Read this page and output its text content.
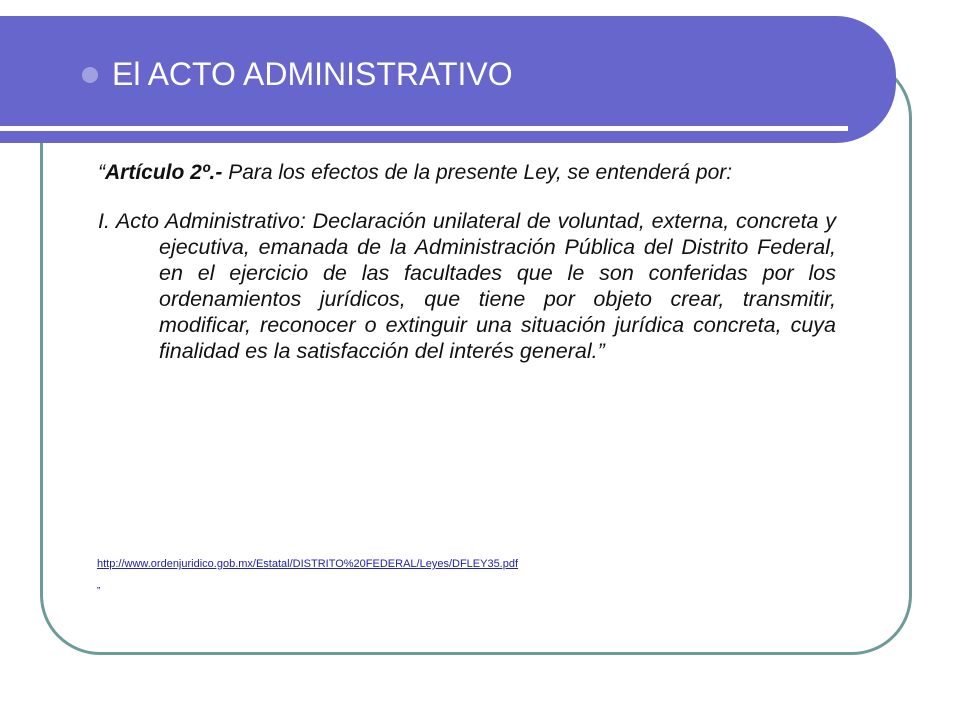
El ACTO ADMINISTRATIVO

“Artículo 2º.- Para los efectos de la presente Ley, se entenderá por:

I. Acto Administrativo: Declaración unilateral de voluntad, externa, concreta y ejecutiva, emanada de la Administración Pública del Distrito Federal, en el ejercicio de las facultades que le son conferidas por los ordenamientos jurídicos, que tiene por objeto crear, transmitir, modificar, reconocer o extinguir una situación jurídica concreta, cuya finalidad es la satisfacción del interés general.”

http://www.ordenjuridico.gob.mx/Estatal/DISTRITO%20FEDERAL/Leyes/DFLEY35.pdf
”
